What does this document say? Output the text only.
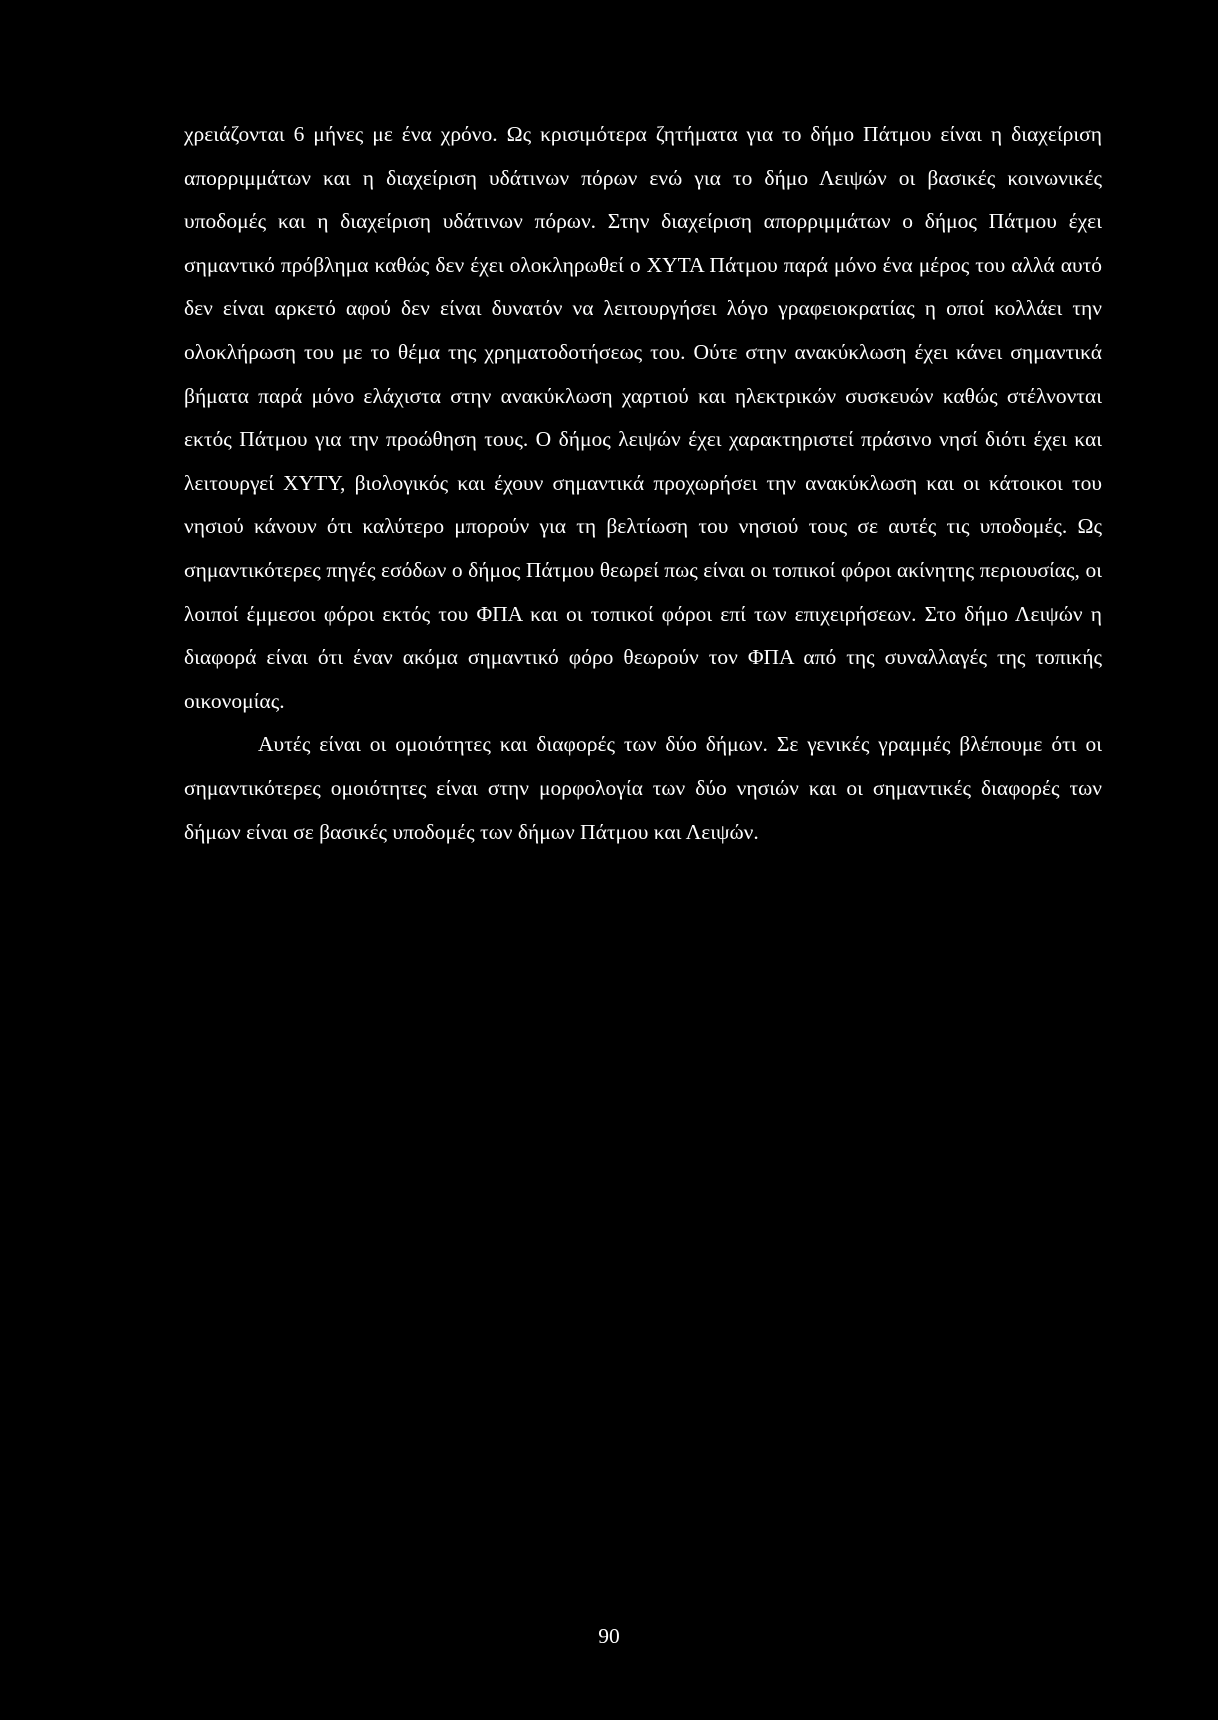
χρειάζονται 6 μήνες με ένα χρόνο. Ως κρισιμότερα ζητήματα για το δήμο Πάτμου είναι η διαχείριση απορριμμάτων και η διαχείριση υδάτινων πόρων ενώ για το δήμο Λειψών οι βασικές κοινωνικές υποδομές και η διαχείριση υδάτινων πόρων. Στην διαχείριση απορριμμάτων ο δήμος Πάτμου έχει σημαντικό πρόβλημα καθώς δεν έχει ολοκληρωθεί ο ΧΥΤΑ Πάτμου παρά μόνο ένα μέρος του αλλά αυτό δεν είναι αρκετό αφού δεν είναι δυνατόν να λειτουργήσει λόγο γραφειοκρατίας η οποί κολλάει την ολοκλήρωση του με το θέμα της χρηματοδοτήσεως του. Ούτε στην ανακύκλωση έχει κάνει σημαντικά βήματα παρά μόνο ελάχιστα στην ανακύκλωση χαρτιού και ηλεκτρικών συσκευών καθώς στέλνονται εκτός Πάτμου για την προώθηση τους. Ο δήμος λειψών έχει χαρακτηριστεί πράσινο νησί διότι έχει και λειτουργεί ΧΥΤΥ, βιολογικός και έχουν σημαντικά προχωρήσει την ανακύκλωση και οι κάτοικοι του νησιού κάνουν ότι καλύτερο μπορούν για τη βελτίωση του νησιού τους σε αυτές τις υποδομές. Ως σημαντικότερες πηγές εσόδων ο δήμος Πάτμου θεωρεί πως είναι οι τοπικοί φόροι ακίνητης περιουσίας, οι λοιποί έμμεσοι φόροι εκτός του ΦΠΑ και οι τοπικοί φόροι επί των επιχειρήσεων. Στο δήμο Λειψών η διαφορά είναι ότι έναν ακόμα σημαντικό φόρο θεωρούν τον ΦΠΑ από της συναλλαγές της τοπικής οικονομίας.

Αυτές είναι οι ομοιότητες και διαφορές των δύο δήμων. Σε γενικές γραμμές βλέπουμε ότι οι σημαντικότερες ομοιότητες είναι στην μορφολογία των δύο νησιών και οι σημαντικές διαφορές των δήμων είναι σε βασικές υποδομές των δήμων Πάτμου και Λειψών.

90
